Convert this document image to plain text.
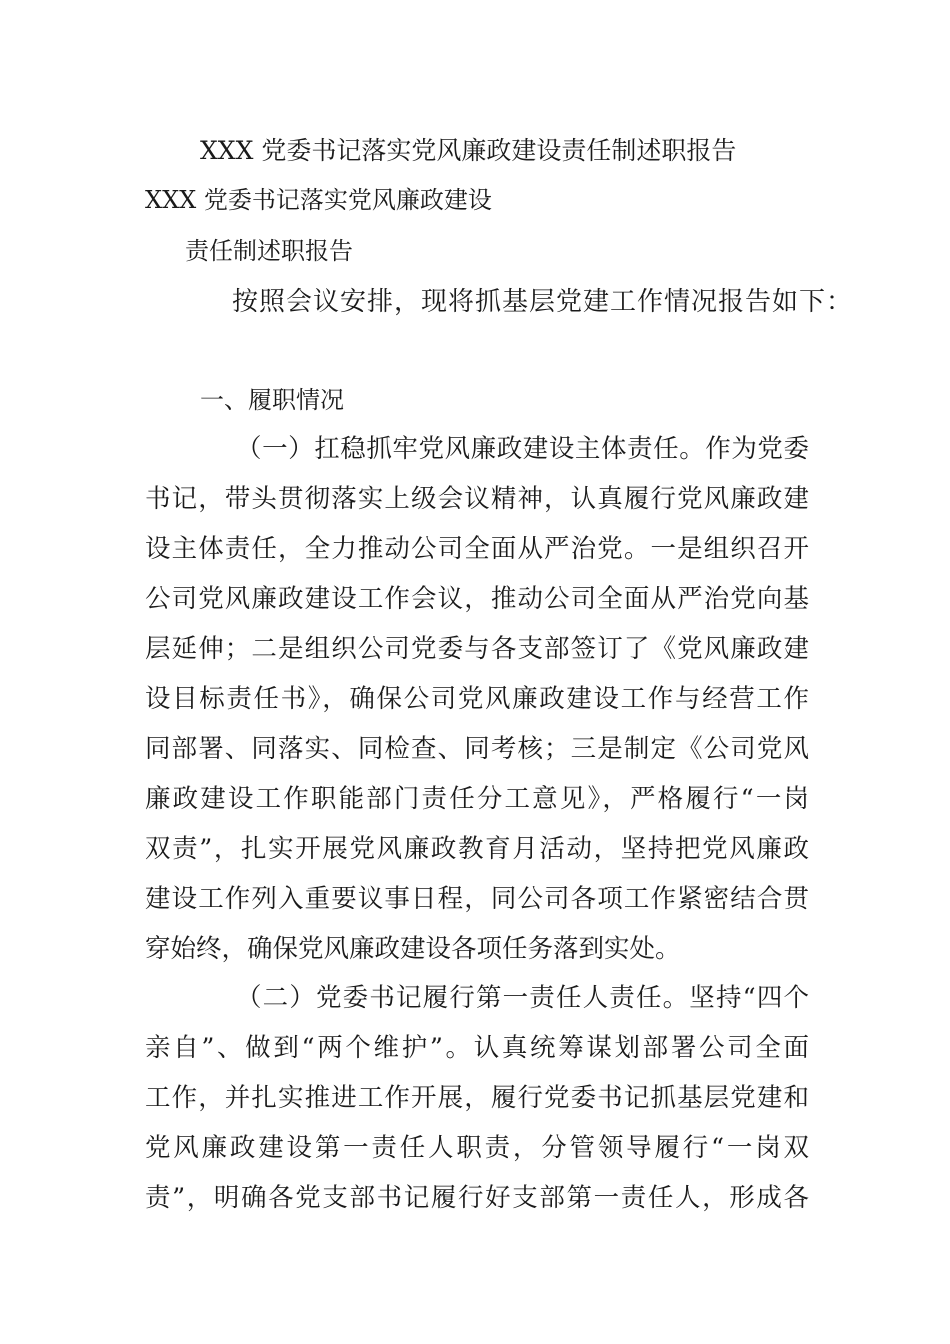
XXX 党委书记落实党风廉政建设责任制述职报告
XXX 党委书记落实党风廉政建设
责任制述职报告
按照会议安排，现将抓基层党建工作情况报告如下：
一、履职情况
（一）扛稳抓牢党风廉政建设主体责任。作为党委
书记，带头贯彻落实上级会议精神，认真履行党风廉政建
设主体责任，全力推动公司全面从严治党。一是组织召开
公司党风廉政建设工作会议，推动公司全面从严治党向基
层延伸；二是组织公司党委与各支部签订了《党风廉政建
设目标责任书》，确保公司党风廉政建设工作与经营工作
同部署、同落实、同检查、同考核；三是制定《公司党风
廉政建设工作职能部门责任分工意见》，严格履行“一岗
双责”，扎实开展党风廉政教育月活动，坚持把党风廉政
建设工作列入重要议事日程，同公司各项工作紧密结合贯
穿始终，确保党风廉政建设各项任务落到实处。
（二）党委书记履行第一责任人责任。坚持“四个
亲自”、做到“两个维护”。认真统筹谋划部署公司全面
工作，并扎实推进工作开展，履行党委书记抓基层党建和
党风廉政建设第一责任人职责，分管领导履行“一岗双
责”，明确各党支部书记履行好支部第一责任人，形成各
